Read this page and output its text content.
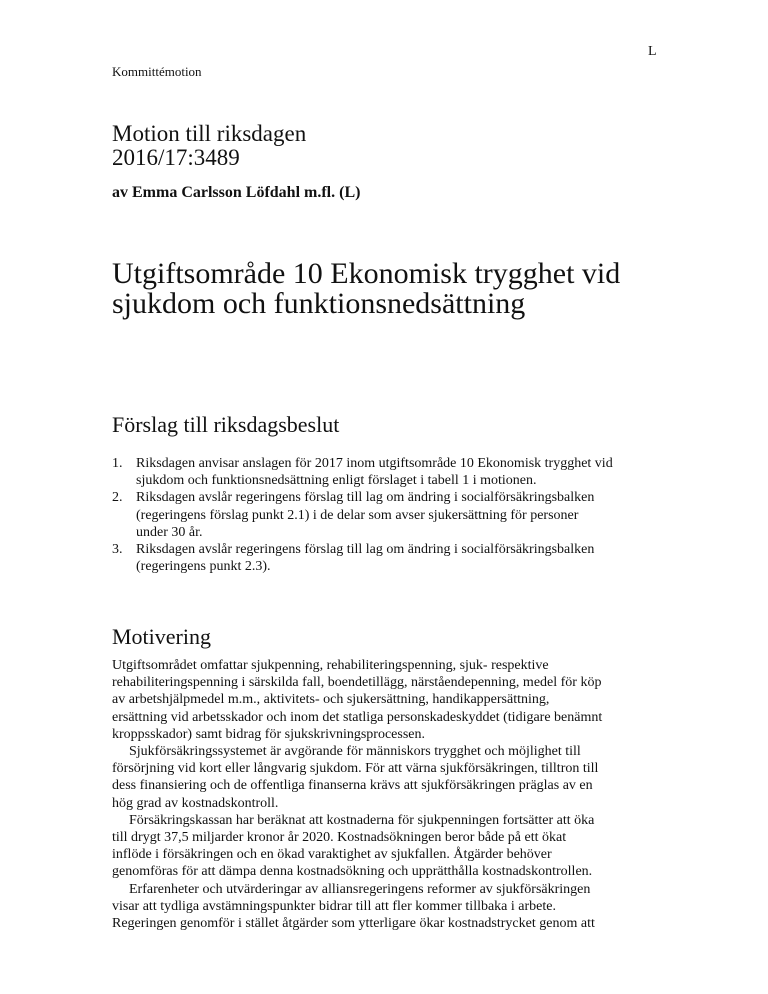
L
Kommittémotion
Motion till riksdagen
2016/17:3489
av Emma Carlsson Löfdahl m.fl. (L)
Utgiftsområde 10 Ekonomisk trygghet vid
sjukdom och funktionsnedsättning
Förslag till riksdagsbeslut
1. Riksdagen anvisar anslagen för 2017 inom utgiftsområde 10 Ekonomisk trygghet vid
sjukdom och funktionsnedsättning enligt förslaget i tabell 1 i motionen.
2. Riksdagen avslår regeringens förslag till lag om ändring i socialförsäkringsbalken
(regeringens förslag punkt 2.1) i de delar som avser sjukersättning för personer
under 30 år.
3. Riksdagen avslår regeringens förslag till lag om ändring i socialförsäkringsbalken
(regeringens punkt 2.3).
Motivering
Utgiftsområdet omfattar sjukpenning, rehabiliteringspenning, sjuk- respektive
rehabiliteringspenning i särskilda fall, boendetillägg, närståendepenning, medel för köp
av arbetshjälpmedel m.m., aktivitets- och sjukersättning, handikappersättning,
ersättning vid arbetsskador och inom det statliga personskadeskyddet (tidigare benämnt
kroppsskador) samt bidrag för sjukskrivningsprocessen.
Sjukförsäkringssystemet är avgörande för människors trygghet och möjlighet till
försörjning vid kort eller långvarig sjukdom. För att värna sjukförsäkringen, tilltron till
dess finansiering och de offentliga finanserna krävs att sjukförsäkringen präglas av en
hög grad av kostnadskontroll.
Försäkringskassan har beräknat att kostnaderna för sjukpenningen fortsätter att öka
till drygt 37,5 miljarder kronor år 2020. Kostnadsökningen beror både på ett ökat
inflöde i försäkringen och en ökad varaktighet av sjukfallen. Åtgärder behöver
genomföras för att dämpa denna kostnadsökning och upprätthålla kostnadskontrollen.
Erfarenheter och utvärderingar av alliansregeringens reformer av sjukförsäkringen
visar att tydliga avstämningspunkter bidrar till att fler kommer tillbaka i arbete.
Regeringen genomför i stället åtgärder som ytterligare ökar kostnadstrycket genom att
